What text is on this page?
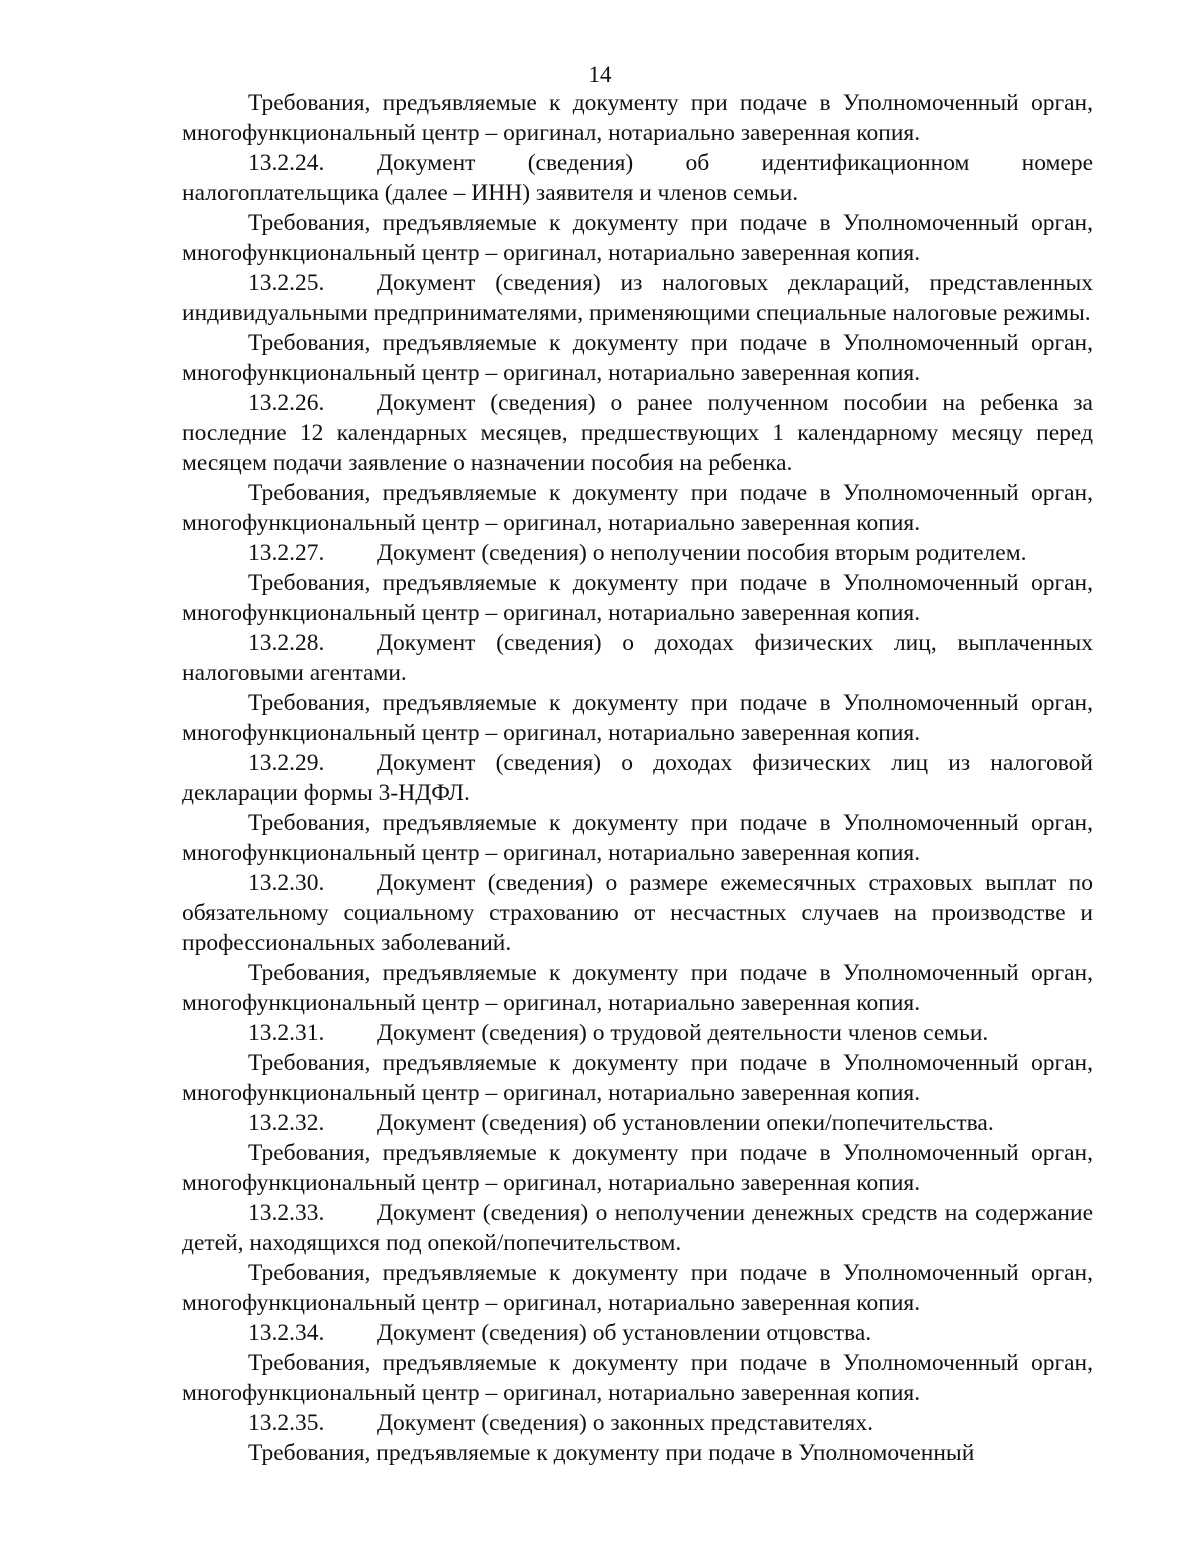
14

Требования, предъявляемые к документу при подаче в Уполномоченный орган, многофункциональный центр – оригинал, нотариально заверенная копия.

13.2.24. Документ (сведения) об идентификационном номере налогоплательщика (далее – ИНН) заявителя и членов семьи.

Требования, предъявляемые к документу при подаче в Уполномоченный орган, многофункциональный центр – оригинал, нотариально заверенная копия.

13.2.25. Документ (сведения) из налоговых деклараций, представленных индивидуальными предпринимателями, применяющими специальные налоговые режимы.

Требования, предъявляемые к документу при подаче в Уполномоченный орган, многофункциональный центр – оригинал, нотариально заверенная копия.

13.2.26. Документ (сведения) о ранее полученном пособии на ребенка за последние 12 календарных месяцев, предшествующих 1 календарному месяцу перед месяцем подачи заявление о назначении пособия на ребенка.

Требования, предъявляемые к документу при подаче в Уполномоченный орган, многофункциональный центр – оригинал, нотариально заверенная копия.

13.2.27. Документ (сведения) о неполучении пособия вторым родителем.

Требования, предъявляемые к документу при подаче в Уполномоченный орган, многофункциональный центр – оригинал, нотариально заверенная копия.

13.2.28. Документ (сведения) о доходах физических лиц, выплаченных налоговыми агентами.

Требования, предъявляемые к документу при подаче в Уполномоченный орган, многофункциональный центр – оригинал, нотариально заверенная копия.

13.2.29. Документ (сведения) о доходах физических лиц из налоговой декларации формы 3-НДФЛ.

Требования, предъявляемые к документу при подаче в Уполномоченный орган, многофункциональный центр – оригинал, нотариально заверенная копия.

13.2.30. Документ (сведения) о размере ежемесячных страховых выплат по обязательному социальному страхованию от несчастных случаев на производстве и профессиональных заболеваний.

Требования, предъявляемые к документу при подаче в Уполномоченный орган, многофункциональный центр – оригинал, нотариально заверенная копия.

13.2.31. Документ (сведения) о трудовой деятельности членов семьи.

Требования, предъявляемые к документу при подаче в Уполномоченный орган, многофункциональный центр – оригинал, нотариально заверенная копия.

13.2.32. Документ (сведения) об установлении опеки/попечительства.

Требования, предъявляемые к документу при подаче в Уполномоченный орган, многофункциональный центр – оригинал, нотариально заверенная копия.

13.2.33. Документ (сведения) о неполучении денежных средств на содержание детей, находящихся под опекой/попечительством.

Требования, предъявляемые к документу при подаче в Уполномоченный орган, многофункциональный центр – оригинал, нотариально заверенная копия.

13.2.34. Документ (сведения) об установлении отцовства.

Требования, предъявляемые к документу при подаче в Уполномоченный орган, многофункциональный центр – оригинал, нотариально заверенная копия.

13.2.35. Документ (сведения) о законных представителях.

Требования, предъявляемые к документу при подаче в Уполномоченный
